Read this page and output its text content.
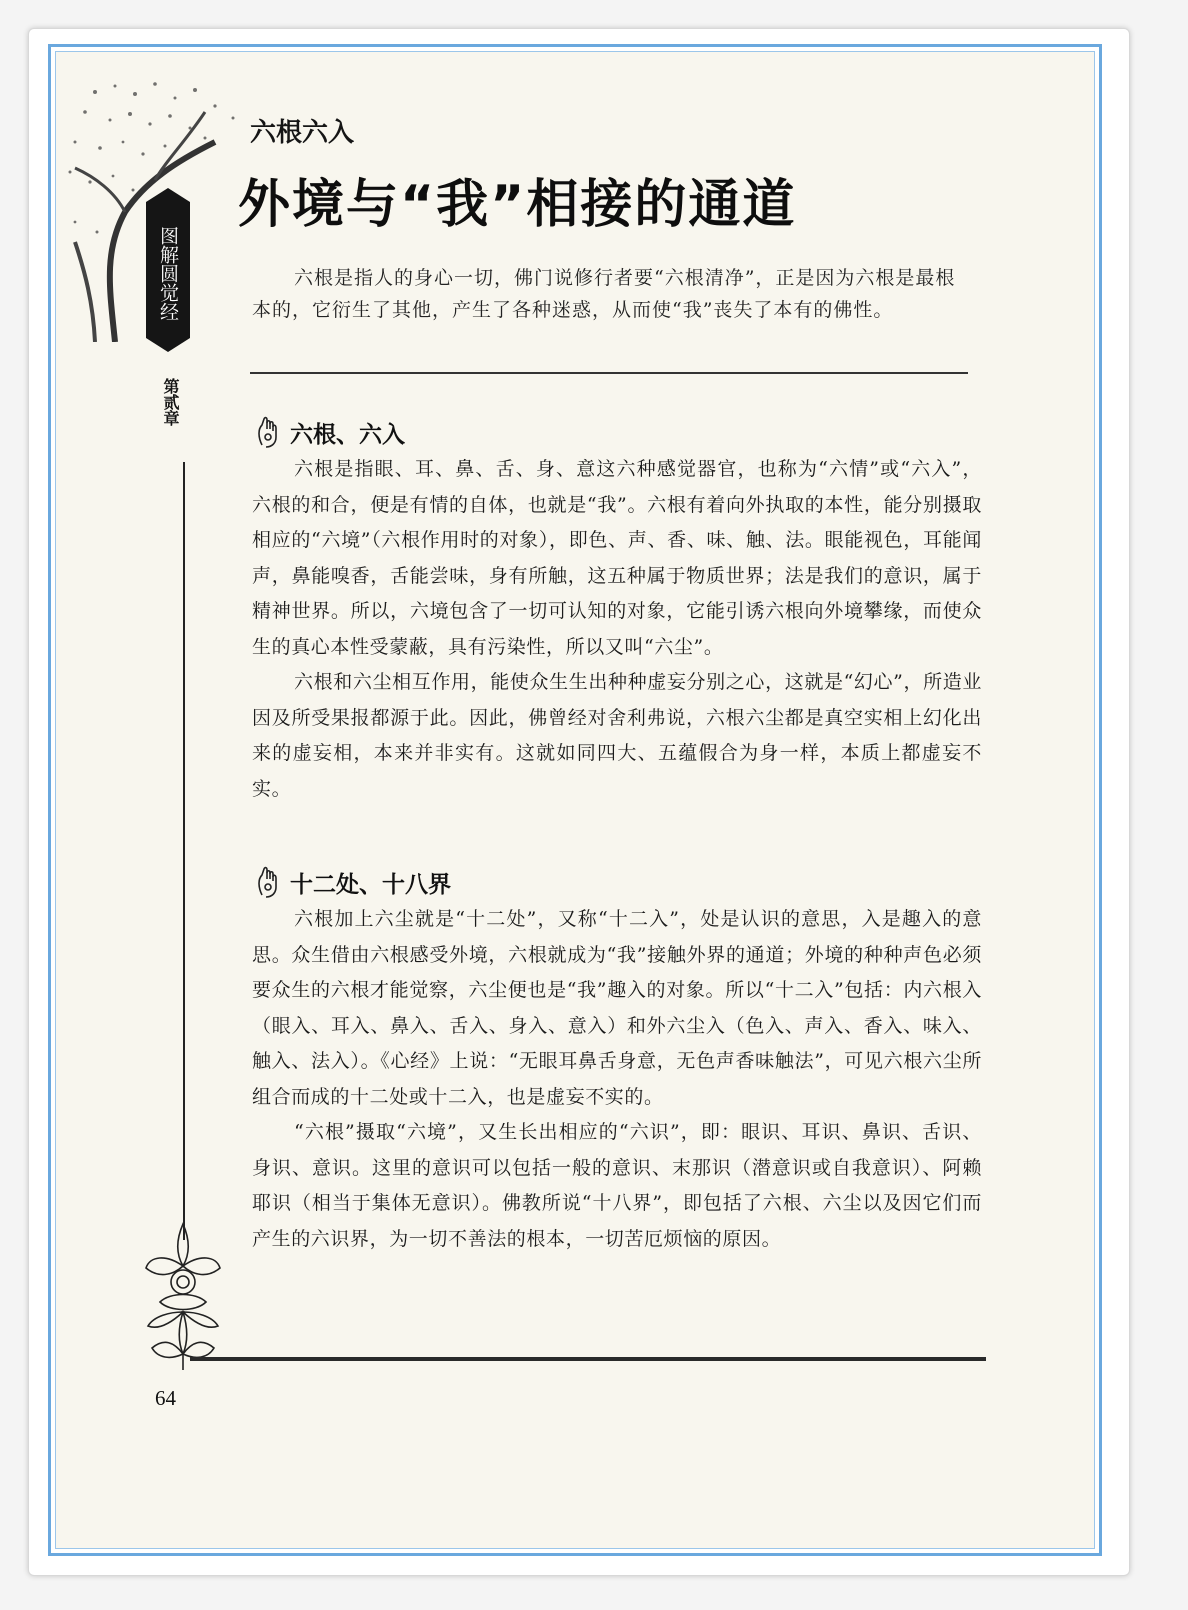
图解圆觉经
第贰章
六根六入
外境与“我”相接的通道

六根是指人的身心一切，佛门说修行者要“六根清净”，正是因为六根是最根本的，它衍生了其他，产生了各种迷惑，从而使“我”丧失了本有的佛性。

六根、六入

六根是指眼、耳、鼻、舌、身、意这六种感觉器官，也称为“六情”或“六入”，六根的和合，便是有情的自体，也就是“我”。六根有着向外执取的本性，能分别摄取相应的“六境”（六根作用时的对象），即色、声、香、味、触、法。眼能视色，耳能闻声，鼻能嗅香，舌能尝味，身有所触，这五种属于物质世界；法是我们的意识，属于精神世界。所以，六境包含了一切可认知的对象，它能引诱六根向外境攀缘，而使众生的真心本性受蒙蔽，具有污染性，所以又叫“六尘”。

六根和六尘相互作用，能使众生生出种种虚妄分别之心，这就是“幻心”，所造业因及所受果报都源于此。因此，佛曾经对舍利弗说，六根六尘都是真空实相上幻化出来的虚妄相，本来并非实有。这就如同四大、五蕴假合为身一样，本质上都虚妄不实。

十二处、十八界

六根加上六尘就是“十二处”，又称“十二入”，处是认识的意思，入是趣入的意思。众生借由六根感受外境，六根就成为“我”接触外界的通道；外境的种种声色必须要众生的六根才能觉察，六尘便也是“我”趣入的对象。所以“十二入”包括：内六根入（眼入、耳入、鼻入、舌入、身入、意入）和外六尘入（色入、声入、香入、味入、触入、法入）。《心经》上说：“无眼耳鼻舌身意，无色声香味触法”，可见六根六尘所组合而成的十二处或十二入，也是虚妄不实的。

“六根”摄取“六境”，又生长出相应的“六识”，即：眼识、耳识、鼻识、舌识、身识、意识。这里的意识可以包括一般的意识、末那识（潜意识或自我意识）、阿赖耶识（相当于集体无意识）。佛教所说“十八界”，即包括了六根、六尘以及因它们而产生的六识界，为一切不善法的根本，一切苦厄烦恼的原因。

64
